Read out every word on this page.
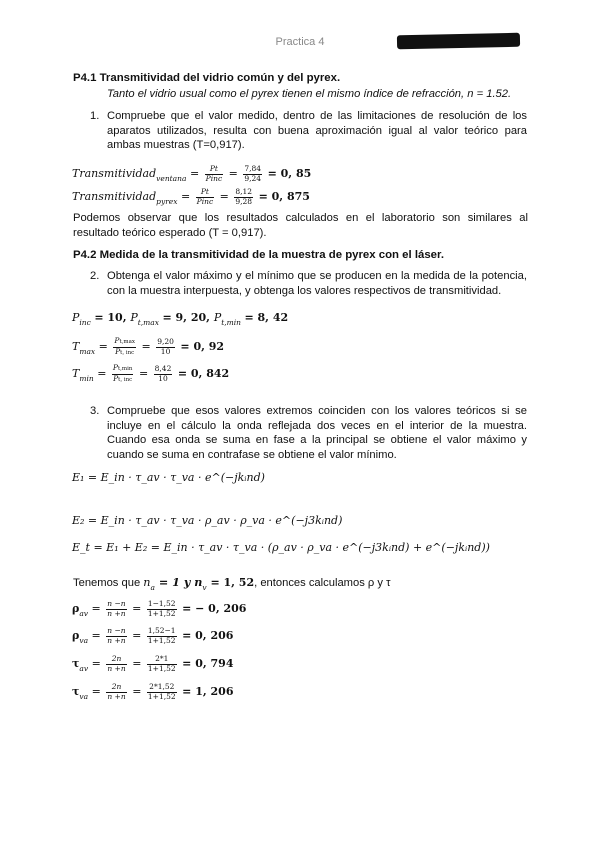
Practica 4
P4.1 Transmitividad del vidrio común y del pyrex.
Tanto el vidrio usual como el pyrex tienen el mismo índice de refracción, n = 1.52.
1. Compruebe que el valor medido, dentro de las limitaciones de resolución de los aparatos utilizados, resulta con buena aproximación igual al valor teórico para ambas muestras (T=0,917).
Transmitividad$_{ventana}$ = $\frac{Pt}{\text{Pinc}} = \frac{7,84}{9,24} = 0$, 85
Transmitividad$_{pyrex}$ = $\frac{Pt}{\text{Pinc}} = \frac{8,12}{9,28} = 0$, 875
Podemos observar que los resultados calculados en el laboratorio son similares al resultado teórico esperado (T = 0,917).
P4.2 Medida de la transmitividad de la muestra de pyrex con el láser.
2. Obtenga el valor máximo y el mínimo que se producen en la medida de la potencia, con la muestra interpuesta, y obtenga los valores respectivos de transmitividad.
$P_{inc} = 10$, $P_{t,max} = 9$, 20, $P_{t,min} = 8$, 42
$T_{max} = \frac{Pt,\max}{\text{Pt, inc}} = \frac{9,20}{10} = 0$, 92
$T_{min} = \frac{Pt,\min}{\text{Pt, inc}} = \frac{8,42}{10} = 0$, 842
3. Compruebe que esos valores extremos coinciden con los valores teóricos si se incluye en el cálculo la onda reflejada dos veces en el interior de la muestra. Cuando esa onda se suma en fase a la principal se obtiene el valor máximo y cuando se suma en contrafase se obtiene el valor mínimo.
E₁ = E_in · τ_av · τ_va · e^(−jkᵢnd)
E₂ = E_in · τ_av · τ_va · ρ_av · ρ_va · e^(−j3kᵢnd)
E_t = E₁ + E₂ = E_in · τ_av · τ_va · (ρ_av · ρ_va · e^(−j3kᵢnd) + e^(−jkᵢnd))
Tenemos que $n_a = 1$ y $n_v = 1$, 52, entonces calculamos ρ y τ
$\rho_{av} = \frac{n -n}{n +n} = \frac{1-1,52}{1+1,52}$ = − 0, 206
$\rho_{va} = \frac{n -n}{n +n} = \frac{1,52-1}{1+1,52} = 0$, 206
$\tau_{av} = \frac{2n}{n +n} = \frac{2*1}{1+1,52} = 0$, 794
$\tau_{va} = \frac{2n}{n +n} = \frac{2*1,52}{1+1,52} = 1$, 206
